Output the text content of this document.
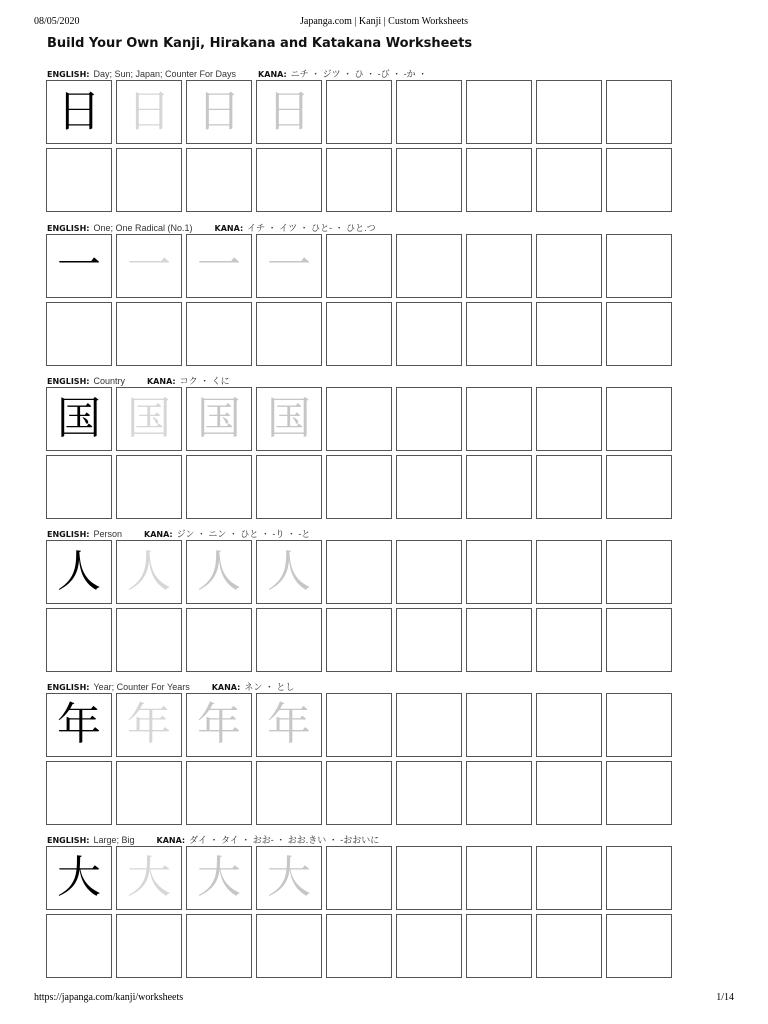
08/05/2020	Japanga.com | Kanji | Custom Worksheets
Build Your Own Kanji, Hirakana and Katakana Worksheets
ENGLISH: Day; Sun; Japan; Counter For Days	KANA: ニチ ・ ジツ ・ ひ ・ -び ・ -か ・
日 日 日 日
ENGLISH: One; One Radical (No.1)	KANA: イチ ・ イツ ・ ひと- ・ ひと.つ
一 一 一 一
ENGLISH: Country	KANA: コク ・ くに
国 国 国 国
ENGLISH: Person	KANA: ジン ・ ニン ・ ひと ・ -り ・ -と
人 人 人 人
ENGLISH: Year; Counter For Years	KANA: ネン ・ とし
年 年 年 年
ENGLISH: Large; Big	KANA: ダイ ・ タイ ・ おお- ・ おお.きい ・ -おおいに
大 大 大 大
https://japanga.com/kanji/worksheets	1/14
